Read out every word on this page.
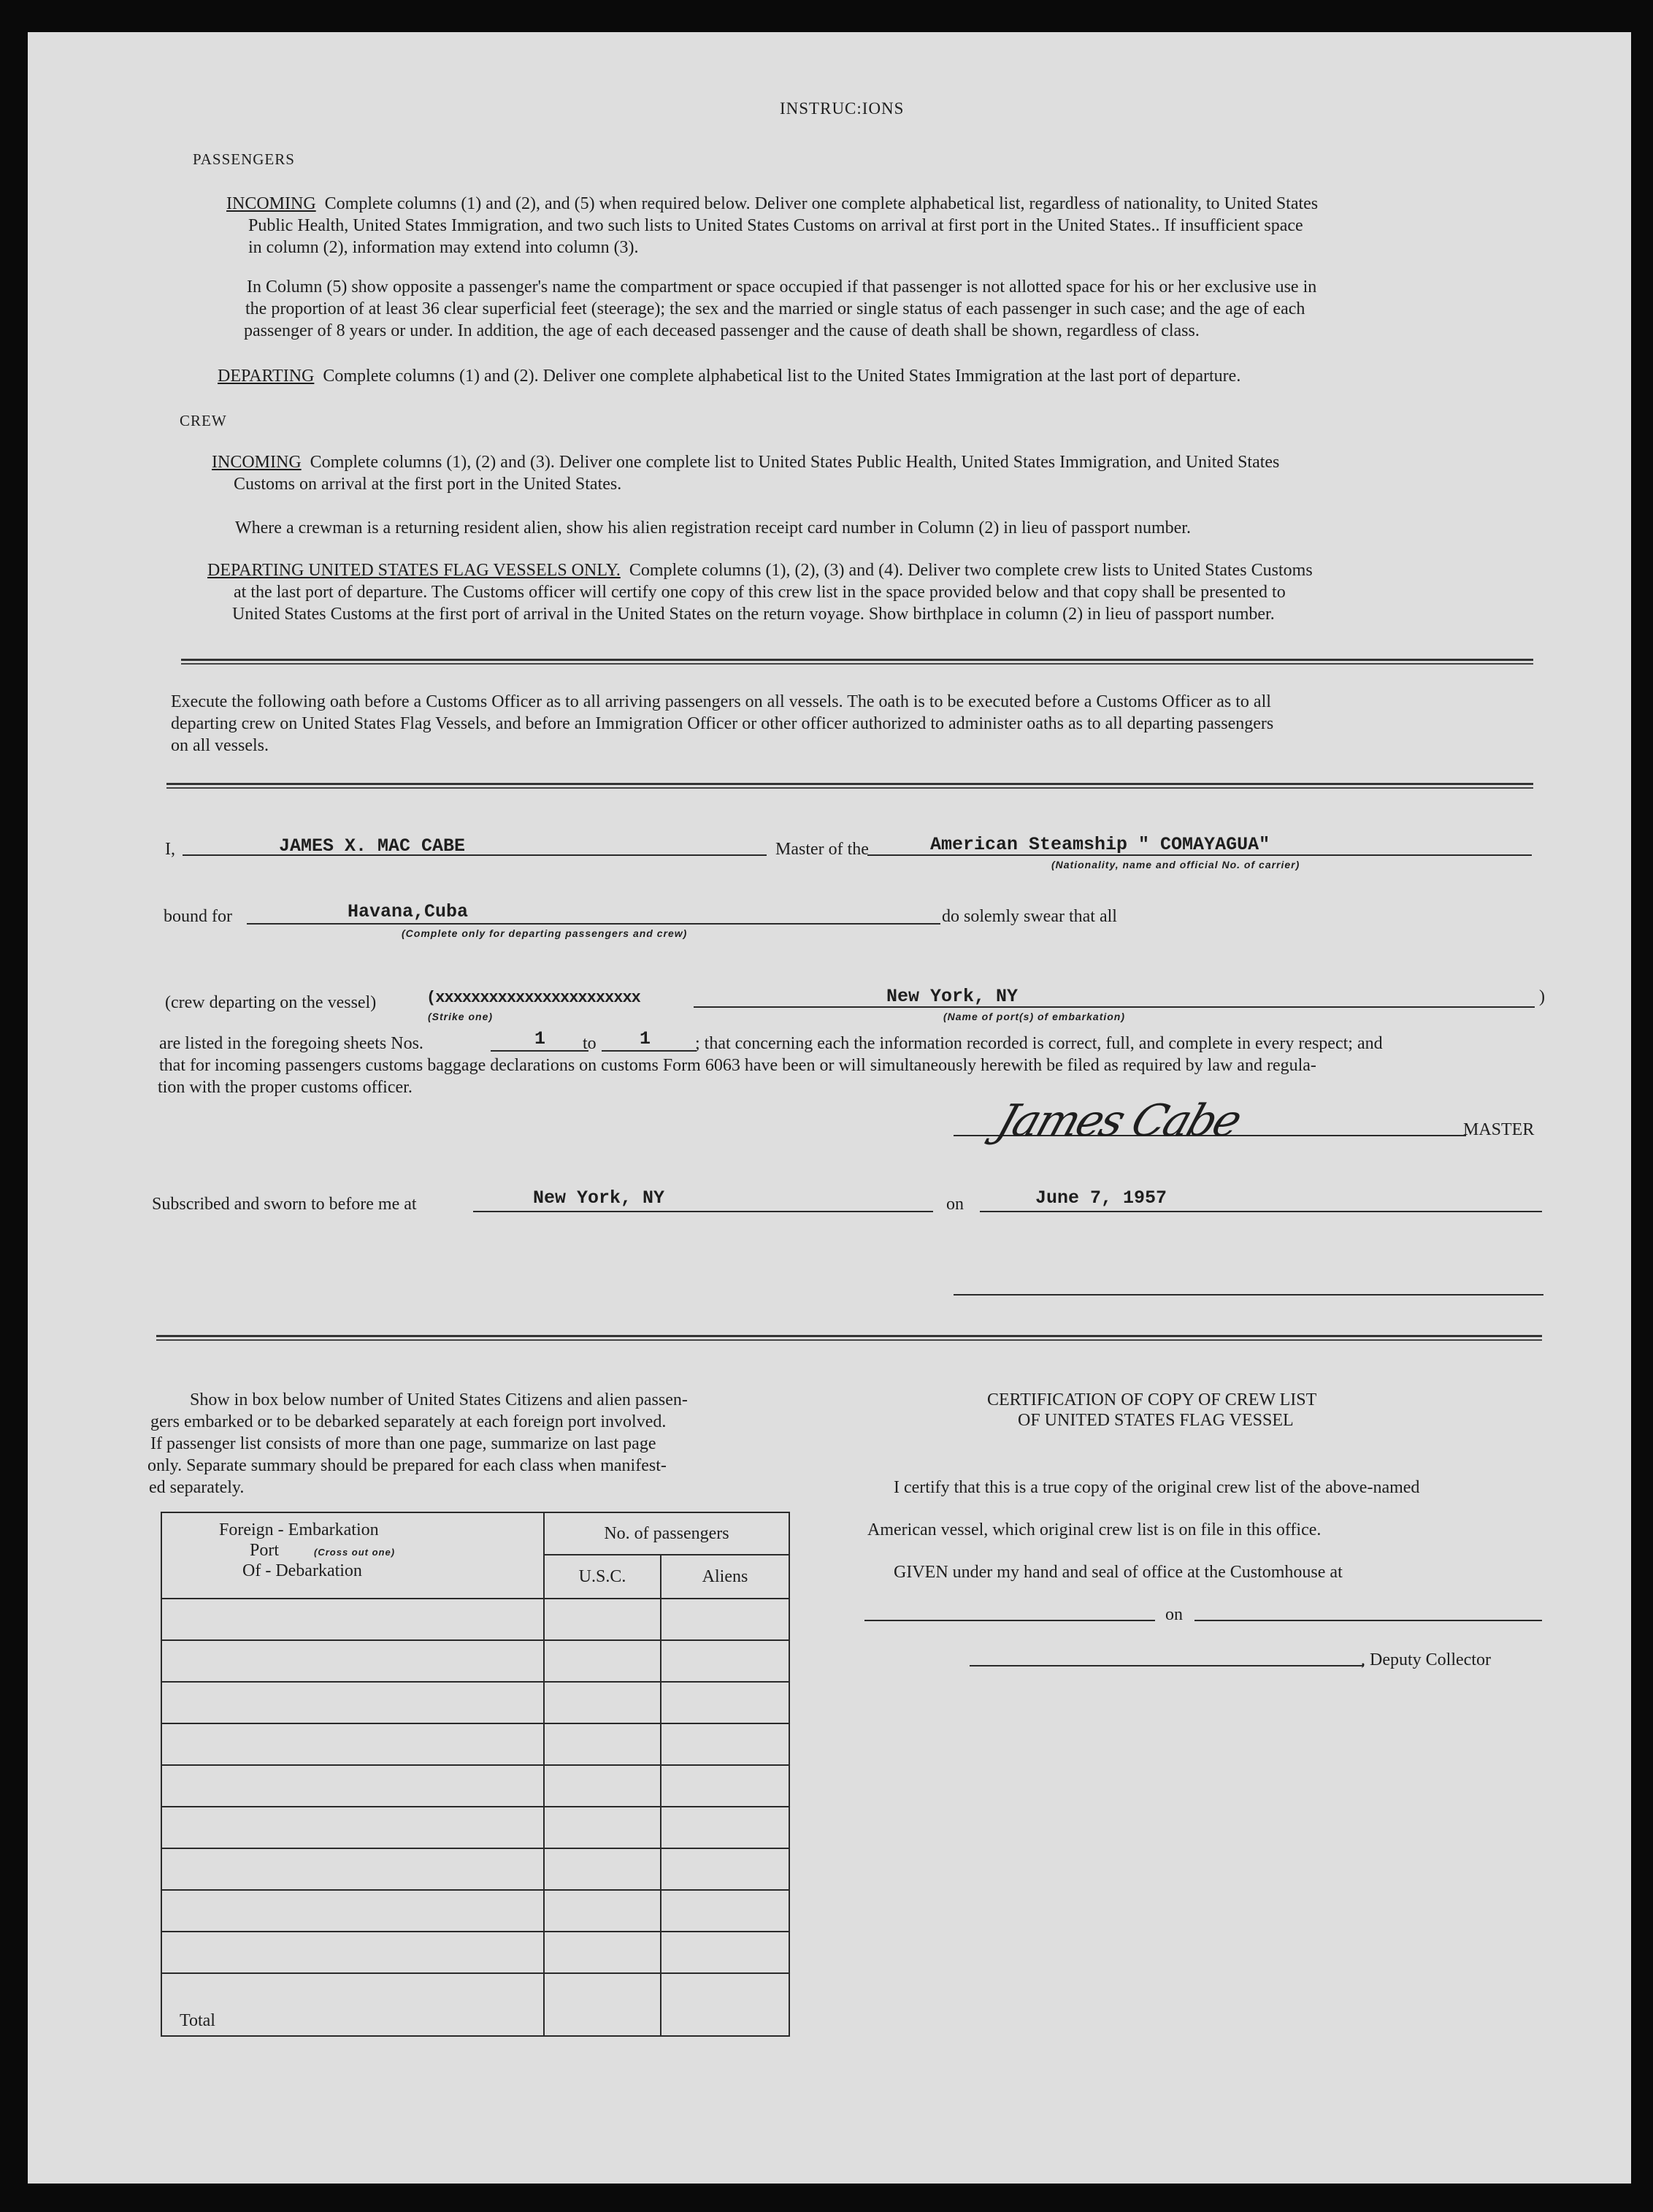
INSTRUC:IONS
PASSENGERS
INCOMING Complete columns (1) and (2), and (5) when required below. Deliver one complete alphabetical list, regardless of nationality, to United States
Public Health, United States Immigration, and two such lists to United States Customs on arrival at first port in the United States.. If insufficient space
in column (2), information may extend into column (3).
In Column (5) show opposite a passenger's name the compartment or space occupied if that passenger is not allotted space for his or her exclusive use in
the proportion of at least 36 clear superficial feet (steerage); the sex and the married or single status of each passenger in such case; and the age of each
passenger of 8 years or under. In addition, the age of each deceased passenger and the cause of death shall be shown, regardless of class.
DEPARTING Complete columns (1) and (2). Deliver one complete alphabetical list to the United States Immigration at the last port of departure.
CREW
INCOMING Complete columns (1), (2) and (3). Deliver one complete list to United States Public Health, United States Immigration, and United States
Customs on arrival at the first port in the United States.
Where a crewman is a returning resident alien, show his alien registration receipt card number in Column (2) in lieu of passport number.
DEPARTING UNITED STATES FLAG VESSELS ONLY. Complete columns (1), (2), (3) and (4). Deliver two complete crew lists to United States Customs
at the last port of departure. The Customs officer will certify one copy of this crew list in the space provided below and that copy shall be presented to
United States Customs at the first port of arrival in the United States on the return voyage. Show birthplace in column (2) in lieu of passport number.
Execute the following oath before a Customs Officer as to all arriving passengers on all vessels. The oath is to be executed before a Customs Officer as to all
departing crew on United States Flag Vessels, and before an Immigration Officer or other officer authorized to administer oaths as to all departing passengers
on all vessels.
I,	JAMES X. MAC CABE	Master of the	American Steamship " COMAYAGUA"
(Nationality, name and official No. of carrier)
bound for	Havana,Cuba
(Complete only for departing passengers and crew)
do solemly swear that all
(crew departing on the vessel)	(xxxxxxxxxxxxxxxxxxxxxxx
(Strike one)
New York, NY
(Name of port(s) of embarkation)
)
are listed in the foregoing sheets Nos.	1 to 1	; that concerning each the information recorded is correct, full, and complete in every respect; and
that for incoming passengers customs baggage declarations on customs Form 6063 have been or will simultaneously herewith be filed as required by law and regula-
tion with the proper customs officer.
James Cabe	MASTER
Subscribed and sworn to before me at	New York, NY	on	June 7, 1957
Show in box below number of United States Citizens and alien passen-
gers embarked or to be debarked separately at each foreign port involved.
If passenger list consists of more than one page, summarize on last page
only. Separate summary should be prepared for each class when manifest-
ed separately.
Foreign - Embarkation
Port (Cross out one)
Of - Debarkation	No. of passengers	
	U.S.C.	Aliens

Total		
CERTIFICATION OF COPY OF CREW LIST
OF UNITED STATES FLAG VESSEL
I certify that this is a true copy of the original crew list of the above-named
American vessel, which original crew list is on file in this office.
GIVEN under my hand and seal of office at the Customhouse at
on
, Deputy Collector
